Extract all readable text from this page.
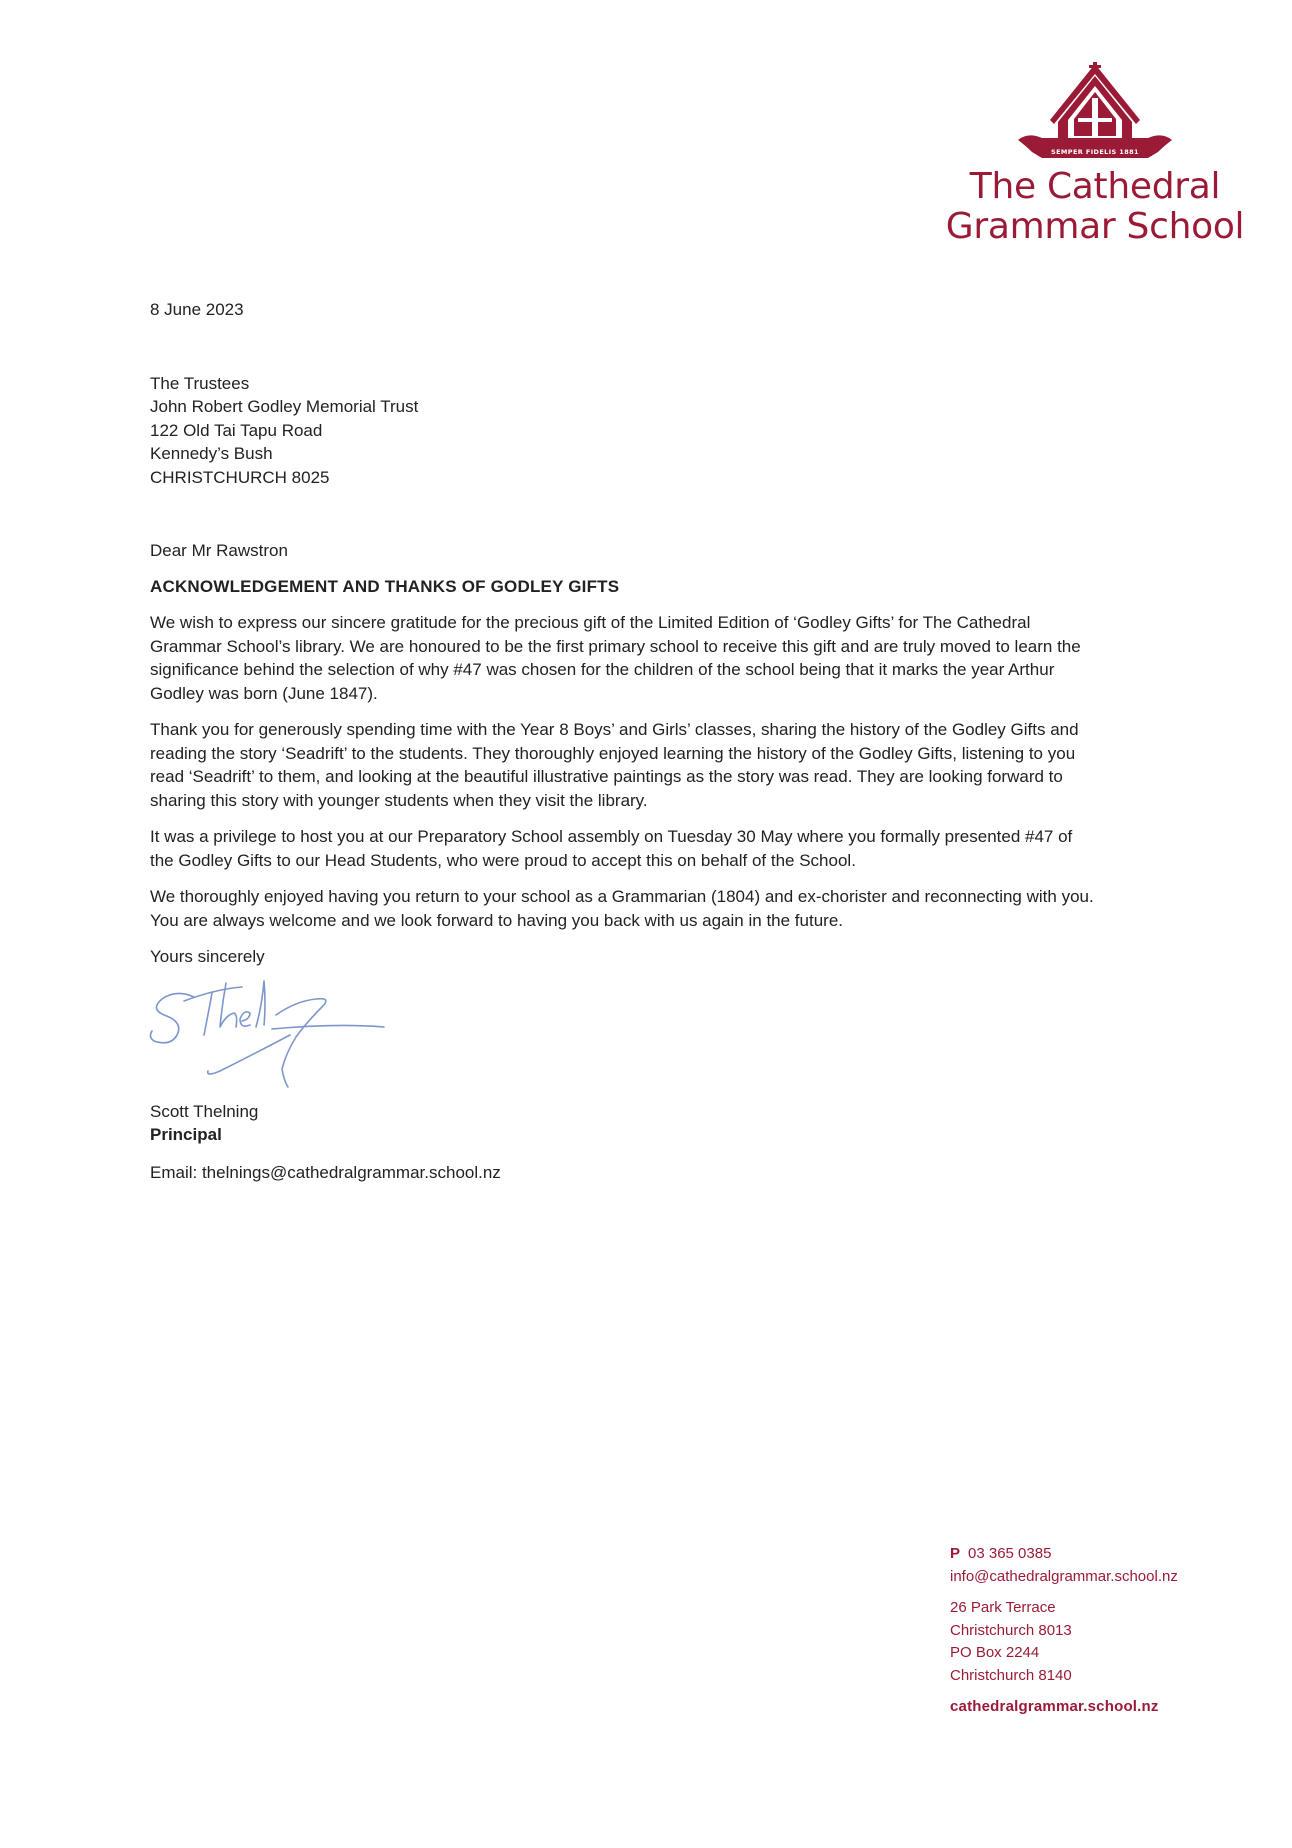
SEMPER FIDELIS 1881
The Cathedral
Grammar School

8 June 2023

The Trustees
John Robert Godley Memorial Trust
122 Old Tai Tapu Road
Kennedy’s Bush
CHRISTCHURCH 8025

Dear Mr Rawstron

ACKNOWLEDGEMENT AND THANKS OF GODLEY GIFTS

We wish to express our sincere gratitude for the precious gift of the Limited Edition of ‘Godley Gifts’ for The Cathedral Grammar School’s library. We are honoured to be the first primary school to receive this gift and are truly moved to learn the significance behind the selection of why #47 was chosen for the children of the school being that it marks the year Arthur Godley was born (June 1847).

Thank you for generously spending time with the Year 8 Boys’ and Girls’ classes, sharing the history of the Godley Gifts and reading the story ‘Seadrift’ to the students. They thoroughly enjoyed learning the history of the Godley Gifts, listening to you read ‘Seadrift’ to them, and looking at the beautiful illustrative paintings as the story was read. They are looking forward to sharing this story with younger students when they visit the library.

It was a privilege to host you at our Preparatory School assembly on Tuesday 30 May where you formally presented #47 of the Godley Gifts to our Head Students, who were proud to accept this on behalf of the School.

We thoroughly enjoyed having you return to your school as a Grammarian (1804) and ex-chorister and reconnecting with you. You are always welcome and we look forward to having you back with us again in the future.

Yours sincerely

Scott Thelning

Principal

Email: thelnings@cathedralgrammar.school.nz

P 03 365 0385
info@cathedralgrammar.school.nz
26 Park Terrace
Christchurch 8013
PO Box 2244
Christchurch 8140
cathedralgrammar.school.nz
